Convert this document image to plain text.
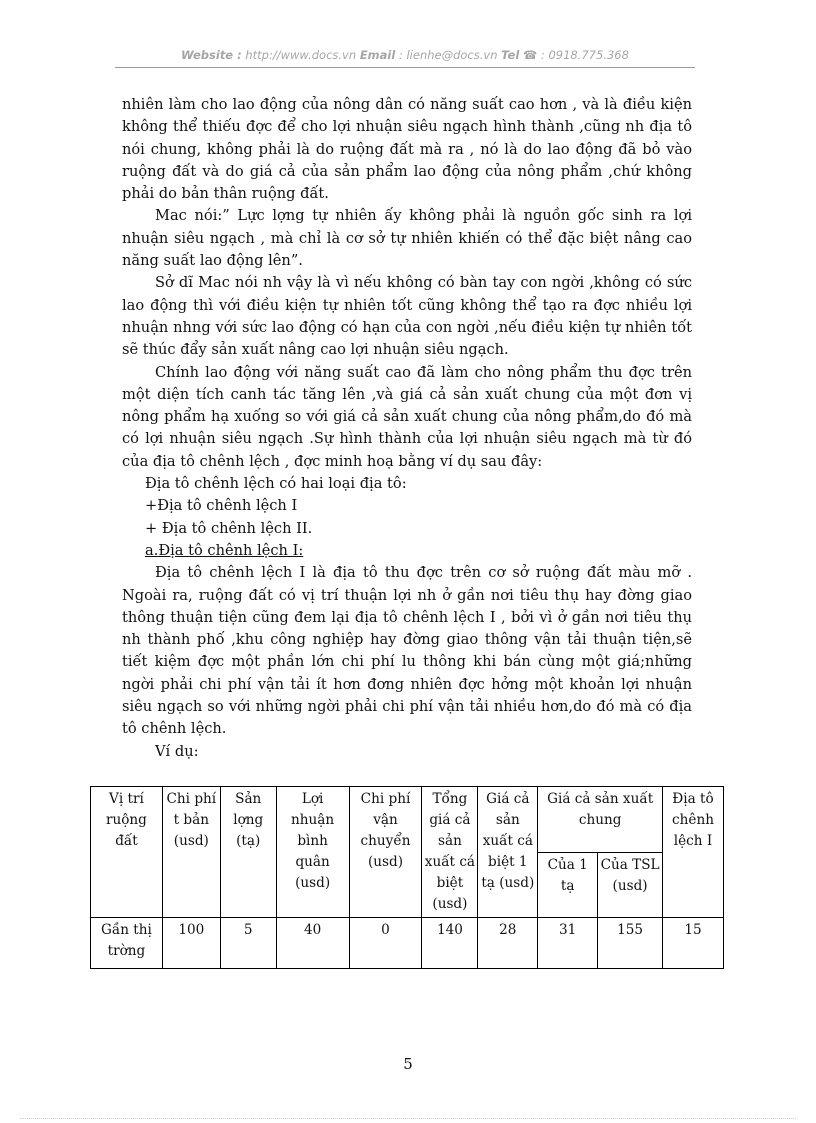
Website : http://www.docs.vn Email : lienhe@docs.vn Tel ☎ : 0918.775.368

nhiên làm cho lao động của nông dân có năng suất cao hơn , và là điều kiện không thể thiếu đợc để cho lợi nhuận siêu ngạch hình thành ,cũng nh địa tô nói chung, không phải là do ruộng đất mà ra , nó là do lao động đã bỏ vào ruộng đất và do giá cả của sản phẩm lao động của nông phẩm ,chứ không phải do bản thân ruộng đất.

Mac nói:” Lực lợng tự nhiên ấy không phải là nguồn gốc sinh ra lợi nhuận siêu ngạch , mà chỉ là cơ sở tự nhiên khiến có thể đặc biệt nâng cao năng suất lao động lên”.

Sở dĩ Mac nói nh vậy là vì nếu không có bàn tay con ngời ,không có sức lao động thì với điều kiện tự nhiên tốt cũng không thể tạo ra đợc nhiều lợi nhuận nhng với sức lao động có hạn của con ngời ,nếu điều kiện tự nhiên tốt sẽ thúc đẩy sản xuất nâng cao lợi nhuận siêu ngạch.

Chính lao động với năng suất cao đã làm cho nông phẩm thu đợc trên một diện tích canh tác tăng lên ,và giá cả sản xuất chung của một đơn vị nông phẩm hạ xuống so với giá cả sản xuất chung của nông phẩm,do đó mà có lợi nhuận siêu ngạch .Sự hình thành của lợi nhuận siêu ngạch mà từ đó của địa tô chênh lệch , đợc minh hoạ bằng ví dụ sau đây:

Địa tô chênh lệch có hai loại địa tô:

+Địa tô chênh lệch I

+ Địa tô chênh lệch II.

a.Địa tô chênh lệch I:

Địa tô chênh lệch I là địa tô thu đợc trên cơ sở ruộng đất màu mỡ . Ngoài ra, ruộng đất có vị trí thuận lợi nh ở gần nơi tiêu thụ hay đờng giao thông thuận tiện cũng đem lại địa tô chênh lệch I , bởi vì ở gần nơi tiêu thụ nh thành phố ,khu công nghiệp hay đờng giao thông vận tải thuận tiện,sẽ tiết kiệm đợc một phần lớn chi phí lu thông khi bán cùng một giá;những ngời phải chi phí vận tải ít hơn đơng nhiên đợc hởng một khoản lợi nhuận siêu ngạch so với những ngời phải chi phí vận tải nhiều hơn,do đó mà có địa tô chênh lệch.

Ví dụ:

Vị trí ruộng đất	Chi phí t bản (usd)	Sản lợng (tạ)	Lợi nhuận bình quân (usd)	Chi phí vận chuyển (usd)	Tổng giá cả sản xuất cá biệt (usd)	Giá cả sản xuất cá biệt 1 tạ (usd)	Giá cả sản xuất chung		Địa tô chênh lệch I
							Của 1 tạ	Của TSL (usd)	
Gần thị trờng	100	5	40	0	140	28	31	155	15
5
